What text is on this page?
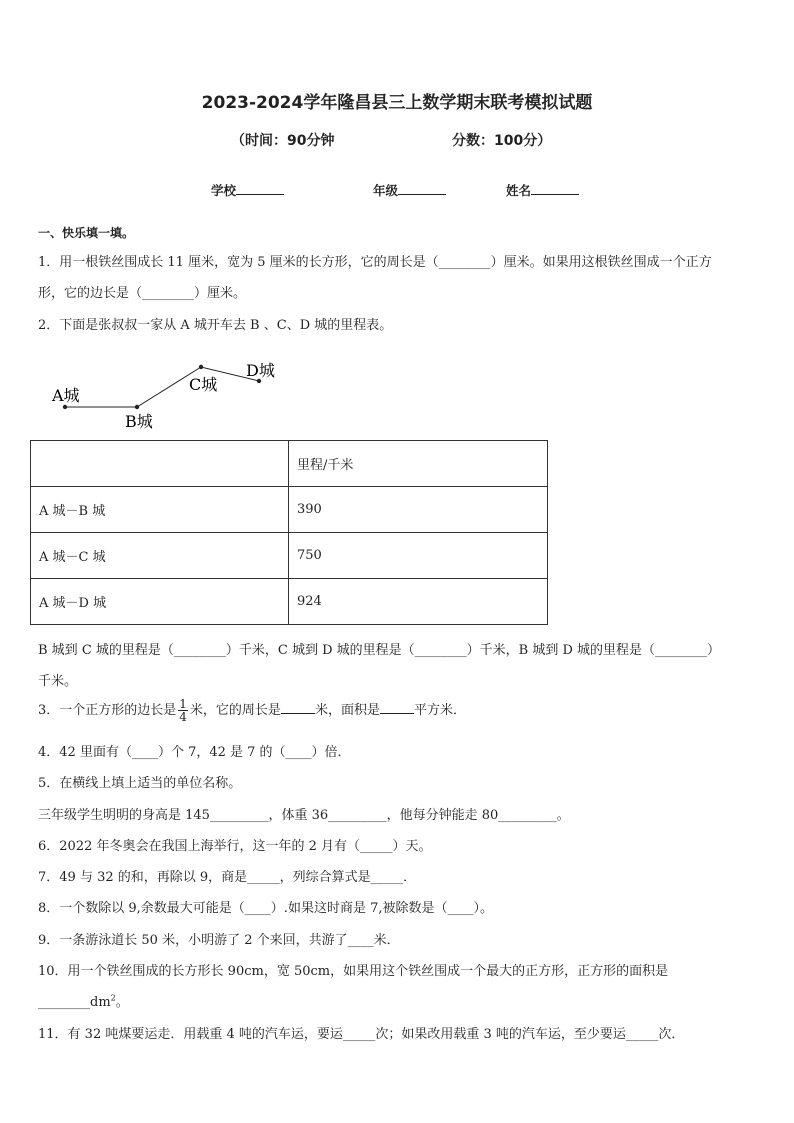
2023-2024学年隆昌县三上数学期末联考模拟试题
（时间：90分钟	分数：100分）
学校	年级	姓名
一、快乐填一填。
1．用一根铁丝围成长 11 厘米，宽为 5 厘米的长方形，它的周长是（________）厘米。如果用这根铁丝围成一个正方
形，它的边长是（________）厘米。
2．下面是张叔叔一家从 A 城开车去 B 、C、D 城的里程表。
A城
B城
C城
D城
	里程/千米
A 城－B 城	390
A 城－C 城	750
A 城－D 城	924
B 城到 C 城的里程是（________）千米，C 城到 D 城的里程是（________）千米，B 城到 D 城的里程是（________）
千米。
3．一个正方形的边长是 $\frac{1}{4}$ 米，它的周长是	米，面积是	平方米．
4．42 里面有（____）个 7，42 是 7 的（____）倍．
5．在横线上填上适当的单位名称。
三年级学生明明的身高是 145_________，体重 36_________，他每分钟能走 80_________。
6．2022 年冬奥会在我国上海举行，这一年的 2 月有（_____）天。
7．49 与 32 的和，再除以 9，商是_____，列综合算式是_____．
8．一个数除以 9,余数最大可能是（____）.如果这时商是 7,被除数是（____）。
9．一条游泳道长 50 米，小明游了 2 个来回，共游了____米．
10．用一个铁丝围成的长方形长 90cm，宽 50cm，如果用这个铁丝围成一个最大的正方形，正方形的面积是
$\_\_\_\_\_\_\_\_dm^2$。
11．有 32 吨煤要运走．用载重 4 吨的汽车运，要运_____次；如果改用载重 3 吨的汽车运，至少要运_____次．
